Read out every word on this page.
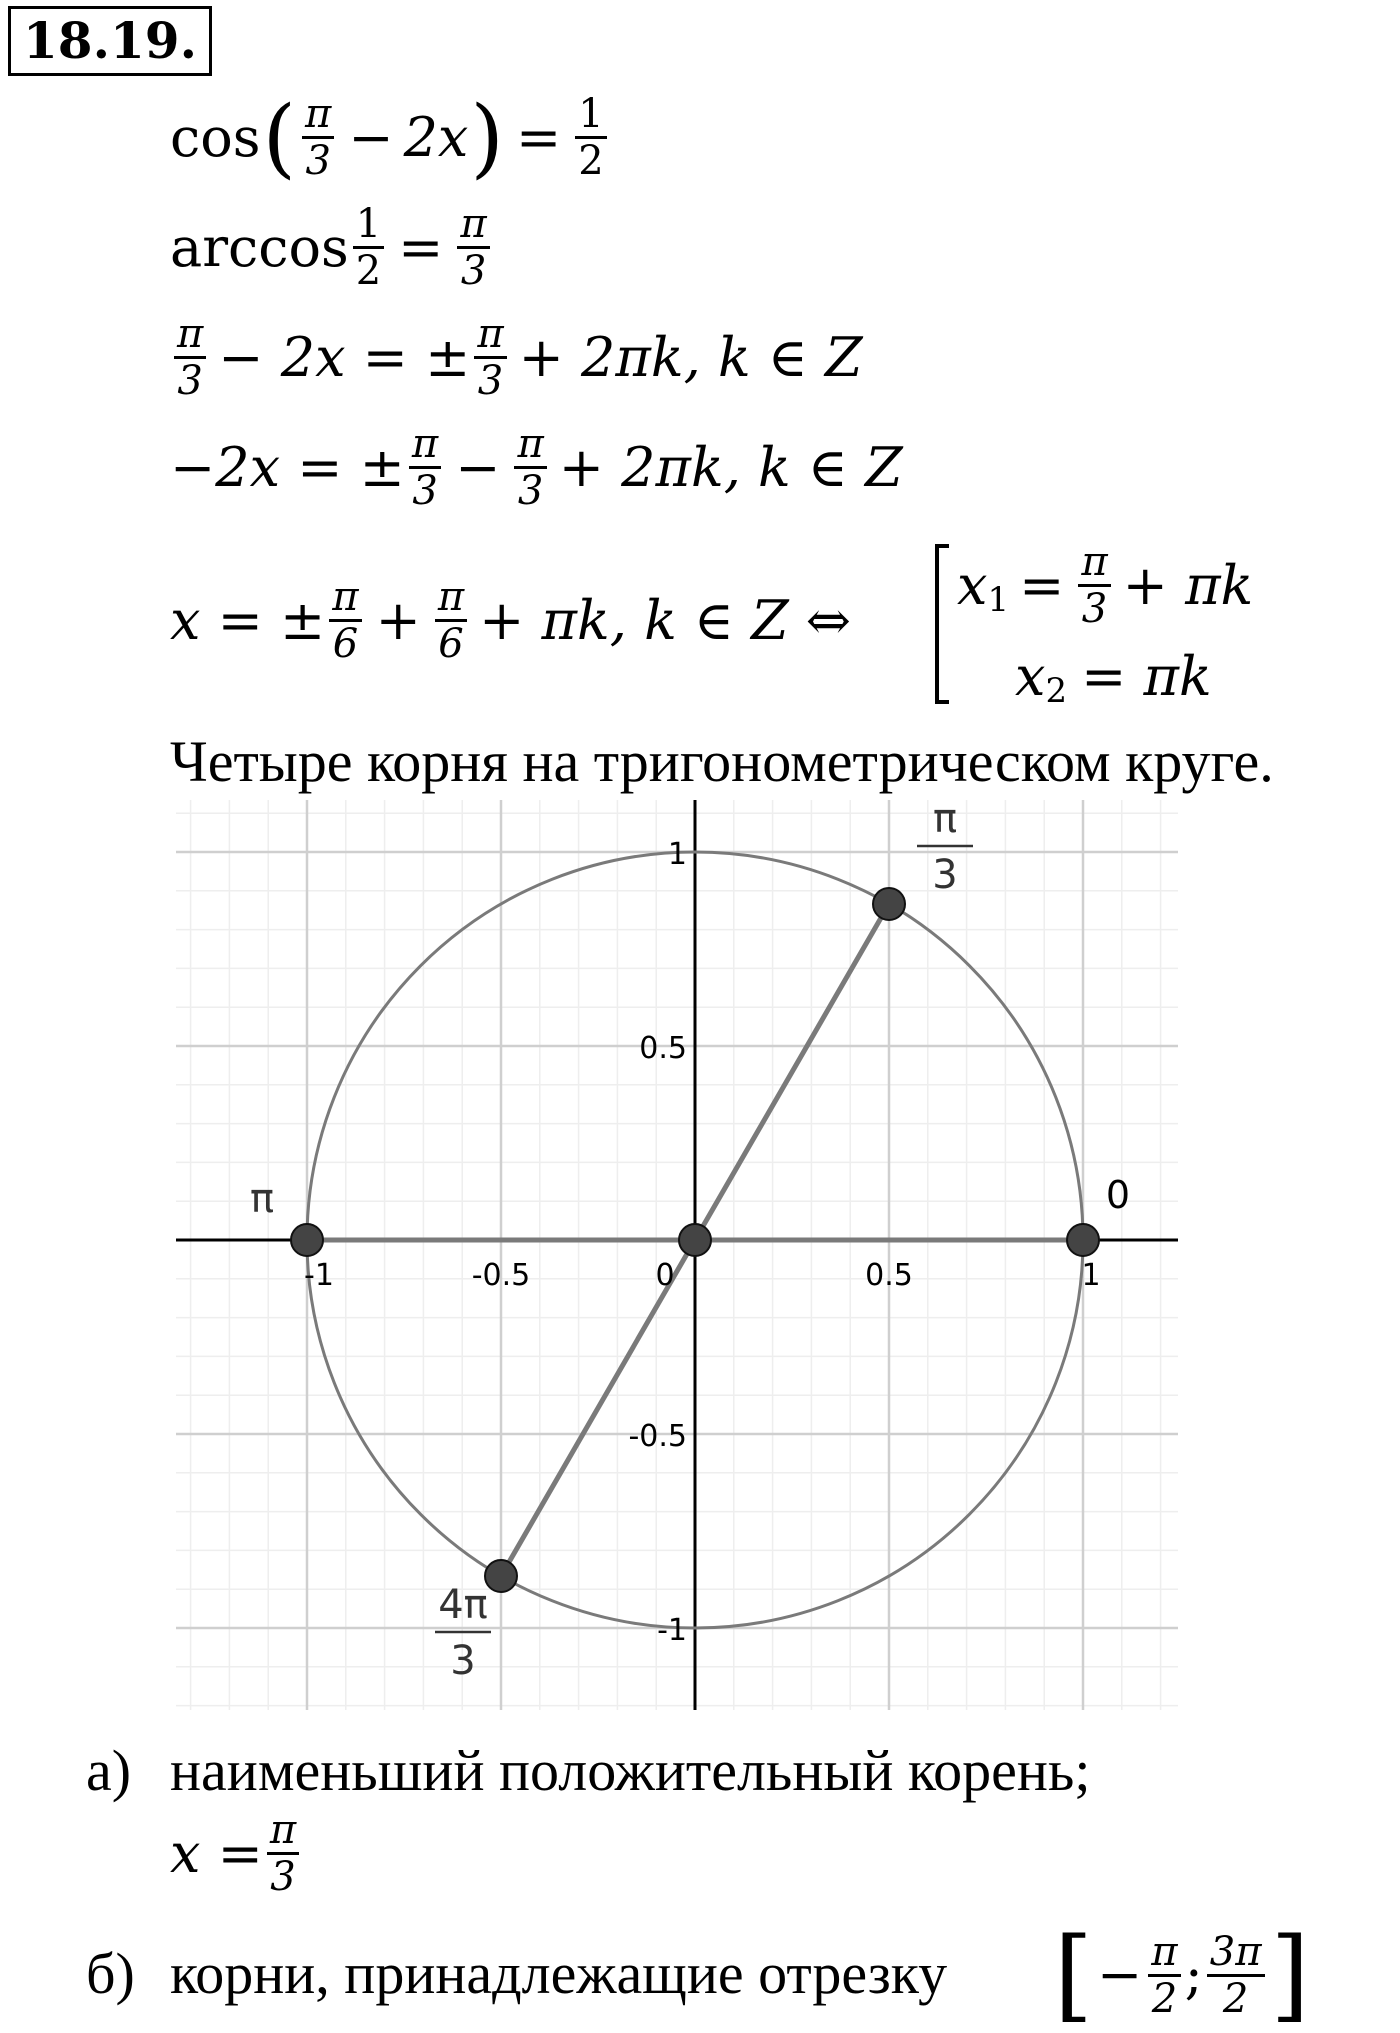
18.19.
cos ( $\frac{\pi}{3} - 2x$ ) = $\frac{1}{2}$
$\arccos \frac{1}{2} = \frac{\pi}{3}$
$\frac{\pi}{3} - 2x$ = ± $\frac{\pi}{3} + 2\pi k$, k ∈ Z
−2x = ± $\frac{\pi}{3} - \frac{\pi}{3} + 2\pi k$, k ∈ Z
x = ± $\frac{\pi}{6} + \frac{\pi}{6} + \pi k$, k ∈ Z ⇔
x $1 = \frac{\pi}{3} + \pi k$
x 2 = πk
Четыре корня на тригонометрическом круге.
-1	-0.5	0	0.5	1
1
0.5
-0.5
-1
π
3
4π
3
π	0
а) наименьший положительный корень;
$x = \frac{\pi}{3}$
б) корни, принадлежащие отрезку [ − $\frac{\pi}{2}$ ; $\frac{3\pi}{2}$ ]
